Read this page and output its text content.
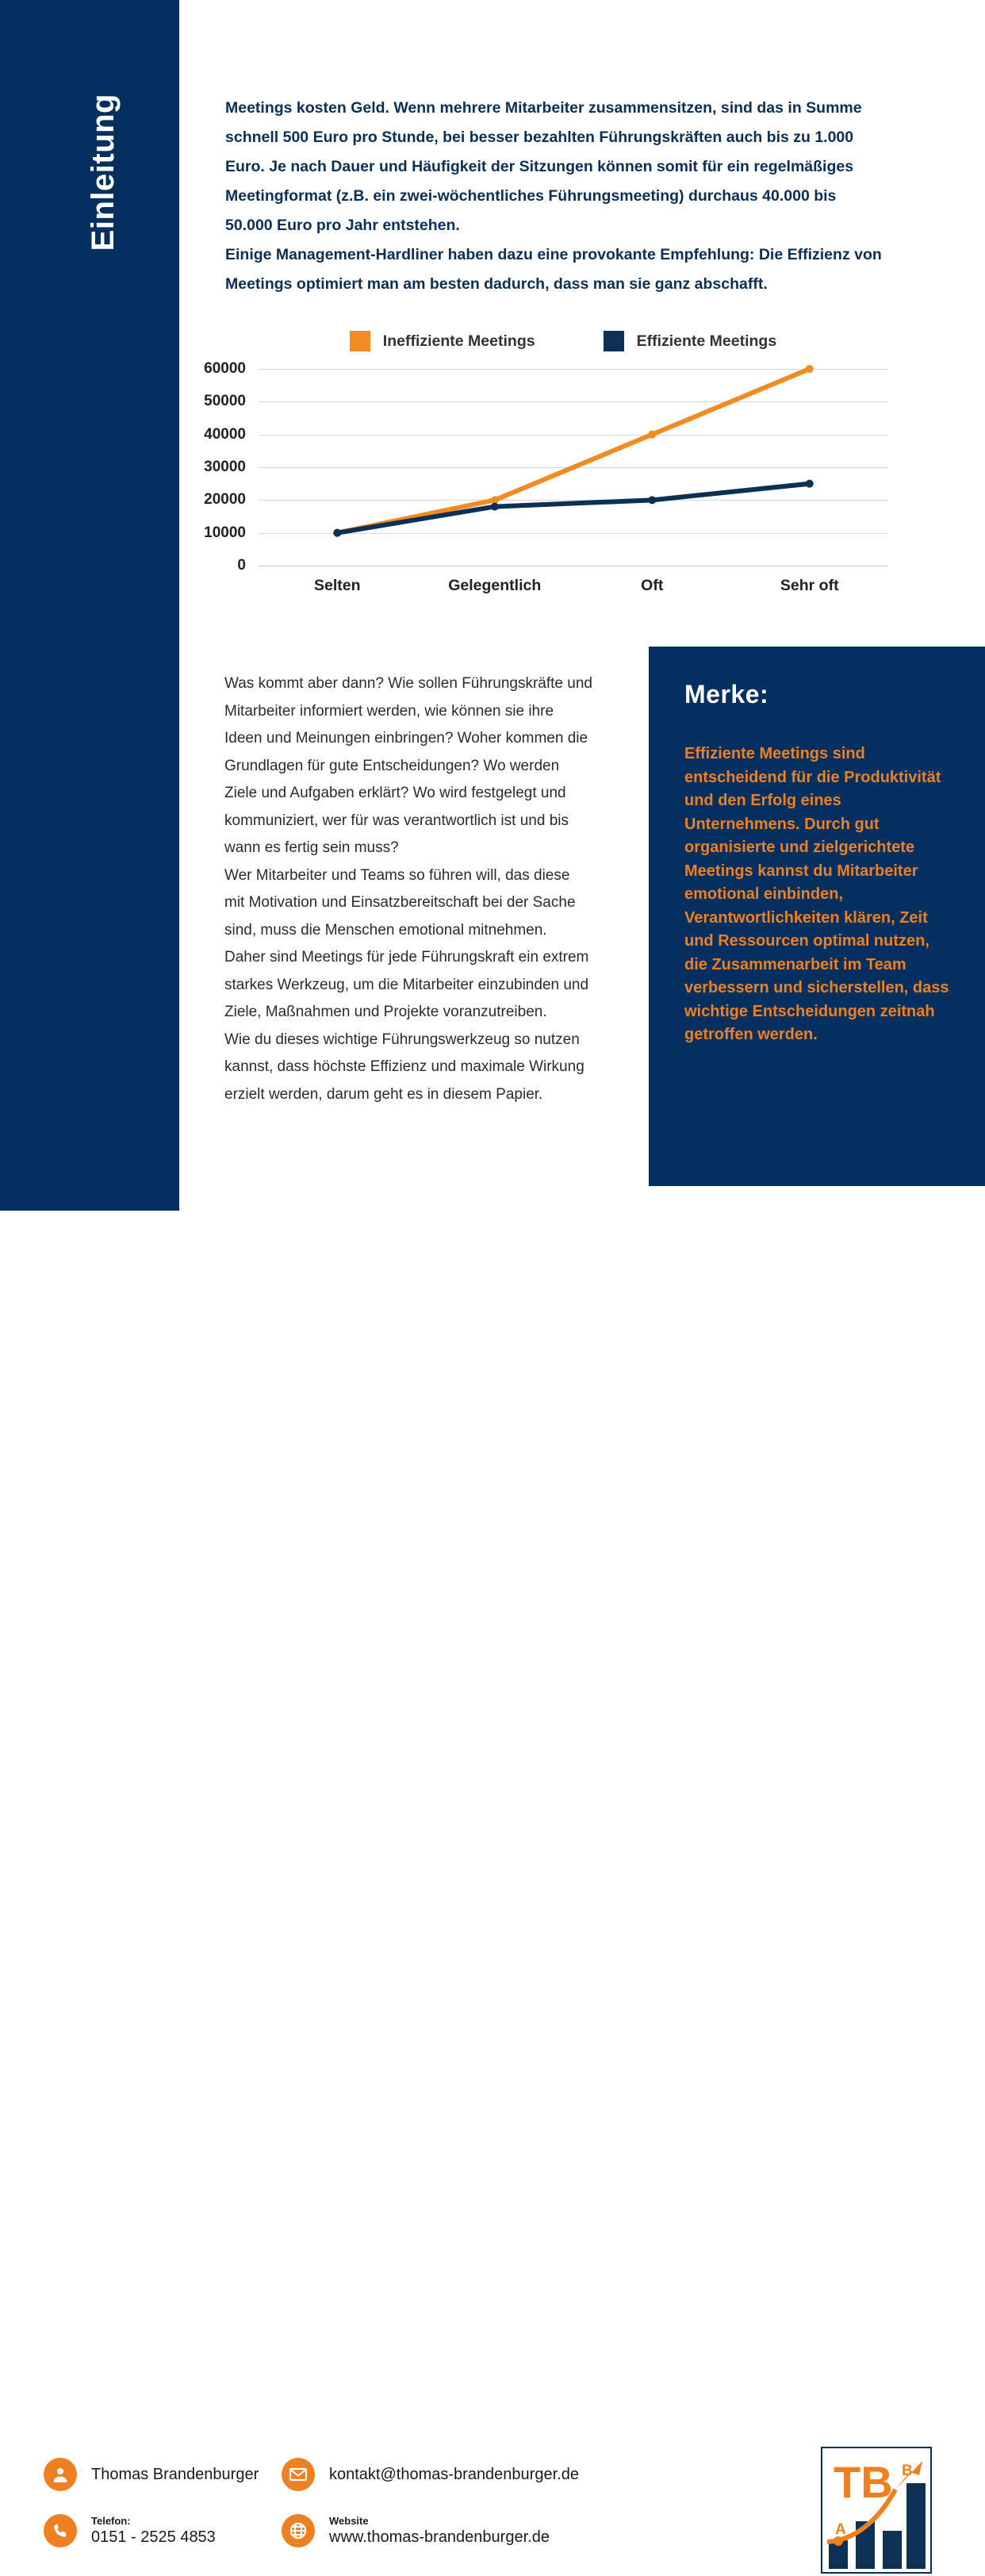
Einleitung	Meetings kosten Geld. Wenn mehrere Mitarbeiter zusammensitzen, sind das in Summe schnell 500 Euro pro Stunde, bei besser bezahlten Führungskräften auch bis zu 1.000 Euro. Je nach Dauer und Häufigkeit der Sitzungen können somit für ein regelmäßiges Meetingformat (z.B. ein zwei-wöchentliches Führungsmeeting) durchaus 40.000 bis 50.000 Euro pro Jahr entstehen.

Einige Management-Hardliner haben dazu eine provokante Empfehlung: Die Effizienz von Meetings optimiert man am besten dadurch, dass man sie ganz abschafft.

Ineffiziente Meetings	Effiziente Meetings
0
10000
20000
30000
40000
50000
60000
Selten	Gelegentlich	Oft	Sehr oft

Was kommt aber dann? Wie sollen Führungskräfte und Mitarbeiter informiert werden, wie können sie ihre Ideen und Meinungen einbringen? Woher kommen die Grundlagen für gute Entscheidungen? Wo werden Ziele und Aufgaben erklärt? Wo wird festgelegt und kommuniziert, wer für was verantwortlich ist und bis wann es fertig sein muss?

Wer Mitarbeiter und Teams so führen will, das diese mit Motivation und Einsatzbereitschaft bei der Sache sind, muss die Menschen emotional mitnehmen.

Daher sind Meetings für jede Führungskraft ein extrem starkes Werkzeug, um die Mitarbeiter einzubinden und Ziele, Maßnahmen und Projekte voranzutreiben.

Wie du dieses wichtige Führungswerkzeug so nutzen kannst, dass höchste Effizienz und maximale Wirkung erzielt werden, darum geht es in diesem Papier.

Merke:
Effiziente Meetings sind entscheidend für die Produktivität und den Erfolg eines Unternehmens. Durch gut organisierte und zielgerichtete Meetings kannst du Mitarbeiter emotional einbinden, Verantwortlichkeiten klären, Zeit und Ressourcen optimal nutzen, die Zusammenarbeit im Team verbessern und sicherstellen, dass wichtige Entscheidungen zeitnah getroffen werden.
Thomas Brandenburger	kontakt@thomas-brandenburger.de
Telefon:
0151 - 2525 4853
Website
www.thomas-brandenburger.de	A
B
TB
